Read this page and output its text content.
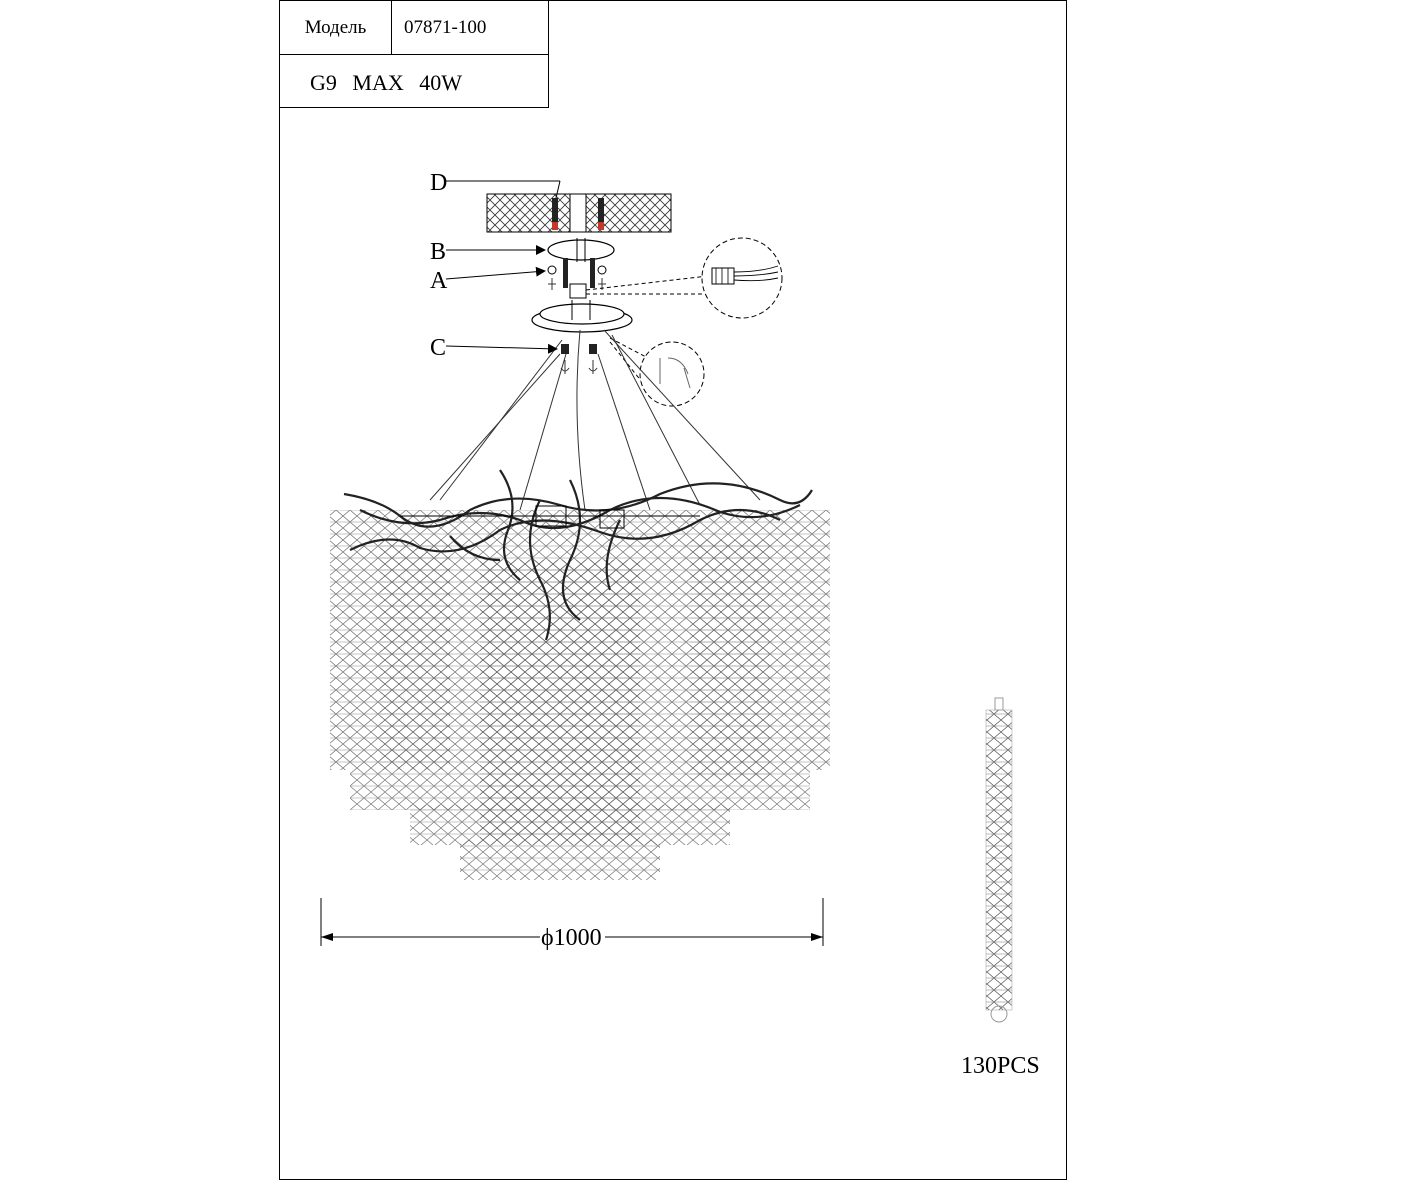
Модель	07871-100
G9 MAX 40W
D
B
A
C
ϕ1000
130PCS
